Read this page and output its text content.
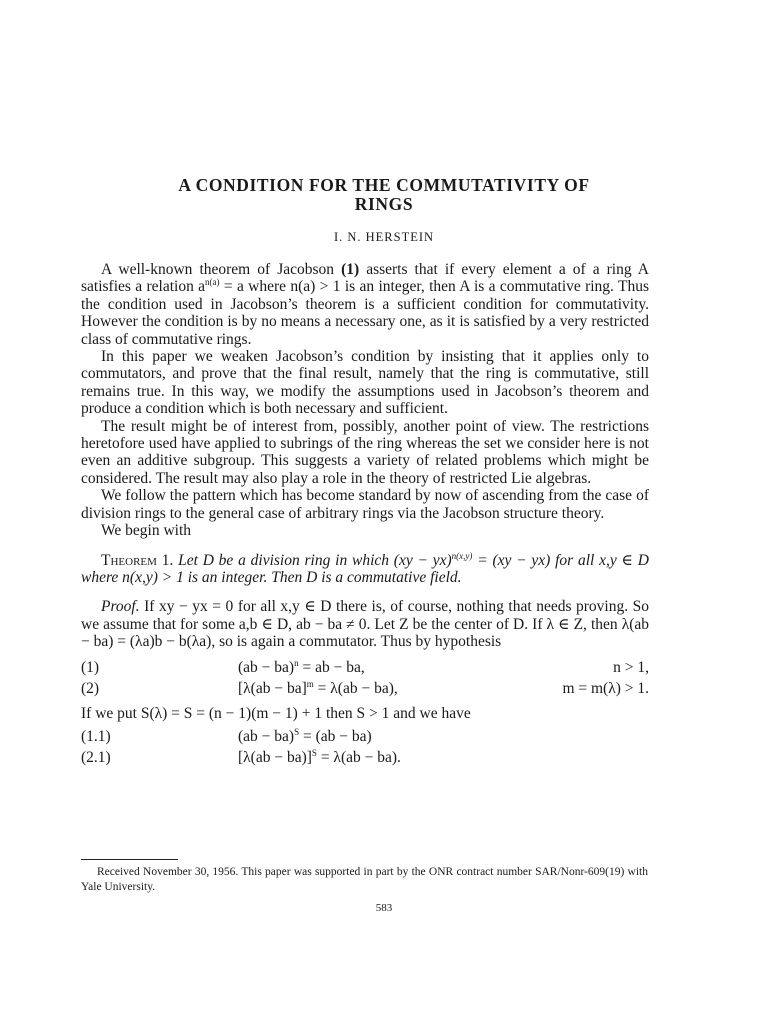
A CONDITION FOR THE COMMUTATIVITY OF
RINGS
I. N. HERSTEIN

A well-known theorem of Jacobson (1) asserts that if every element a of a ring A satisfies a relation $a^{n(a)} = a$ where n(a) > 1 is an integer, then A is a commutative ring. Thus the condition used in Jacobson’s theorem is a sufficient condition for commutativity. However the condition is by no means a necessary one, as it is satisfied by a very restricted class of commutative rings.

In this paper we weaken Jacobson’s condition by insisting that it applies only to commutators, and prove that the final result, namely that the ring is commutative, still remains true. In this way, we modify the assumptions used in Jacobson’s theorem and produce a condition which is both necessary and sufficient.

The result might be of interest from, possibly, another point of view. The restrictions heretofore used have applied to subrings of the ring whereas the set we consider here is not even an additive subgroup. This suggests a variety of related problems which might be considered. The result may also play a role in the theory of restricted Lie algebras.

We follow the pattern which has become standard by now of ascending from the case of division rings to the general case of arbitrary rings via the Jacobson structure theory.

We begin with

Theorem 1. Let D be a division ring in which (xy − yx)$^{n(x,y)}$ = (xy − yx) for all x,y ∈ D where n(x,y) > 1 is an integer. Then D is a commutative field.

Proof. If xy − yx = 0 for all x,y ∈ D there is, of course, nothing that needs proving. So we assume that for some a,b ∈ D, ab − ba ≠ 0. Let Z be the center of D. If λ ∈ Z, then λ(ab − ba) = (λa)b − b(λa), so is again a commutator. Thus by hypothesis

(1)	(ab − ba)$^n$ = ab − ba,	n > 1,
(2)	[λ(ab − ba]$^m$ = λ(ab − ba),	m = m(λ) > 1.

If we put S(λ) = S = (n − 1)(m − 1) + 1 then S > 1 and we have

(1.1)	(ab − ba)$^S$ = (ab − ba)
(2.1)	$[\lambda(ab - ba)]^S = \lambda(ab - ba)$.

Received November 30, 1956. This paper was supported in part by the ONR contract number SAR/Nonr-609(19) with Yale University.

583
